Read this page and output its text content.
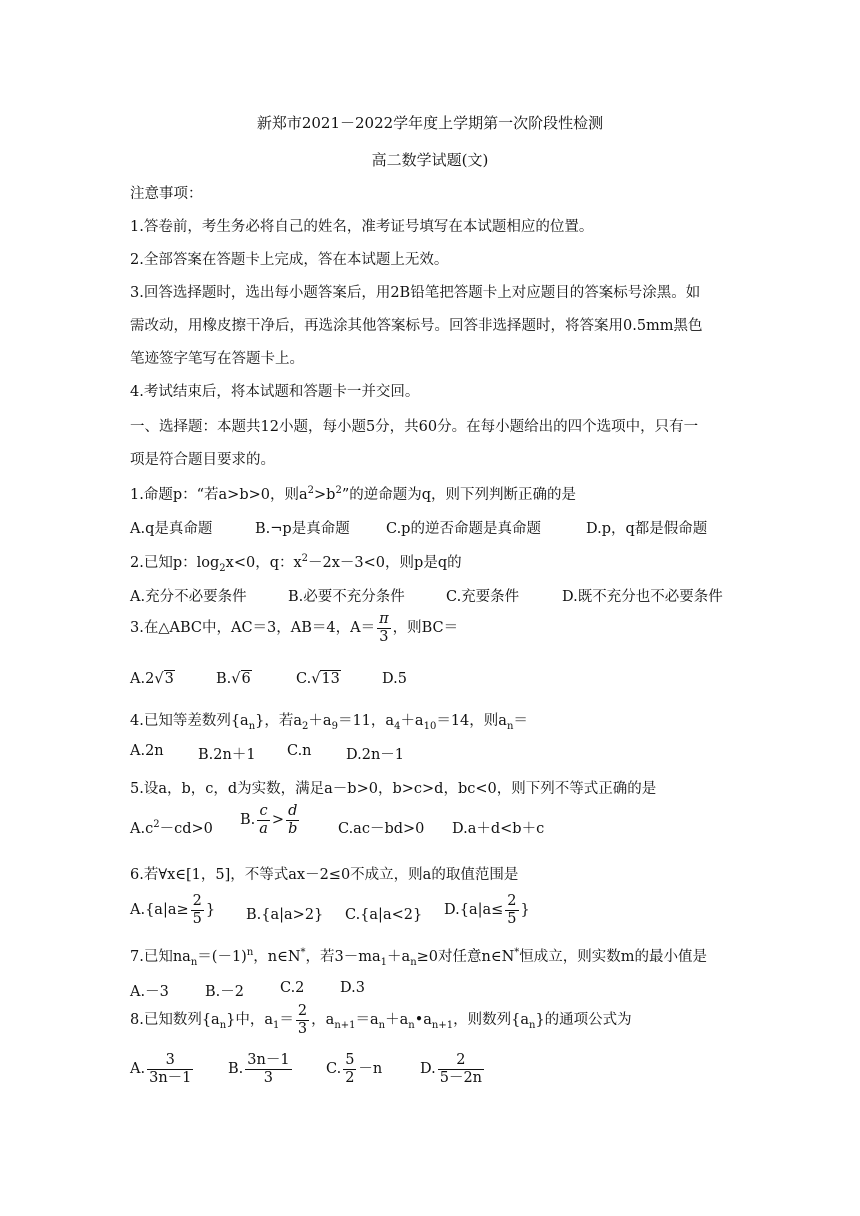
新郑市2021－2022学年度上学期第一次阶段性检测
高二数学试题(文)
注意事项：
1.答卷前，考生务必将自己的姓名，准考证号填写在本试题相应的位置。
2.全部答案在答题卡上完成，答在本试题上无效。
3.回答选择题时，选出每小题答案后，用2B铅笔把答题卡上对应题目的答案标号涂黑。如
需改动，用橡皮擦干净后，再选涂其他答案标号。回答非选择题时，将答案用0.5mm黑色
笔迹签字笔写在答题卡上。
4.考试结束后，将本试题和答题卡一并交回。
一、选择题：本题共12小题，每小题5分，共60分。在每小题给出的四个选项中，只有一
项是符合题目要求的。
1.命题p：“若a>b>0，则$a^2>b^2$”的逆命题为q，则下列判断正确的是
A.q是真命题	B.¬p是真命题	C.p的逆否命题是真命题	D.p，q都是假命题
2.已知p：$\log_2x<0$，q：$x^2-2x-3<0$，则p是q的
A.充分不必要条件	B.必要不充分条件	C.充要条件	D.既不充分也不必要条件
3.在△ABC中，AC＝3，AB＝4，$A= \frac{\pi}{3}$ ，则BC＝
A.2√3	B.√6	C.√13	D.5
4.已知等差数列$\{a_n\}$，若$a_2+a_9=11$，$a_4+a_{10}=14$，则$a_n=$
A.2n B.2n＋1 C.n D.2n－1
5.设a，b，c，d为实数，满足a－b>0，b>c>d，bc<0，则下列不等式正确的是
$A.c^2-cd>0$
B. $\frac{c}{a} > \frac{d}{b}$	C.ac－bd>0 D.a＋d<b＋c
6.若∀x∈[1，5]，不等式ax－2≤0不成立，则a的取值范围是
$A.\{a|a\ge \frac{2}{5}$ } B.{a|a>2} C.{a|a<2} $D.\{a|a\le \frac{2}{5}$ }
7.已知$na_n=(-1)^n$，n∈N*，若$3-ma_1+a_n\ge 0$对任意n∈N*恒成立，则实数m的最小值是
A.－3 B.－2 C.2 D.3
8.已知数列$\{a_n\}$中，$a_1= \frac{2}{3}$ ，$a_{n+1}=a_n+a_n•a_{n+1}$，则数列$\{a_n\}$的通项公式为
A. $\frac{3}{3n-1} B$. $\frac{3n-1}{3} C$. $\frac{5}{2} -n$	D. $\frac{2}{5-2n}$
